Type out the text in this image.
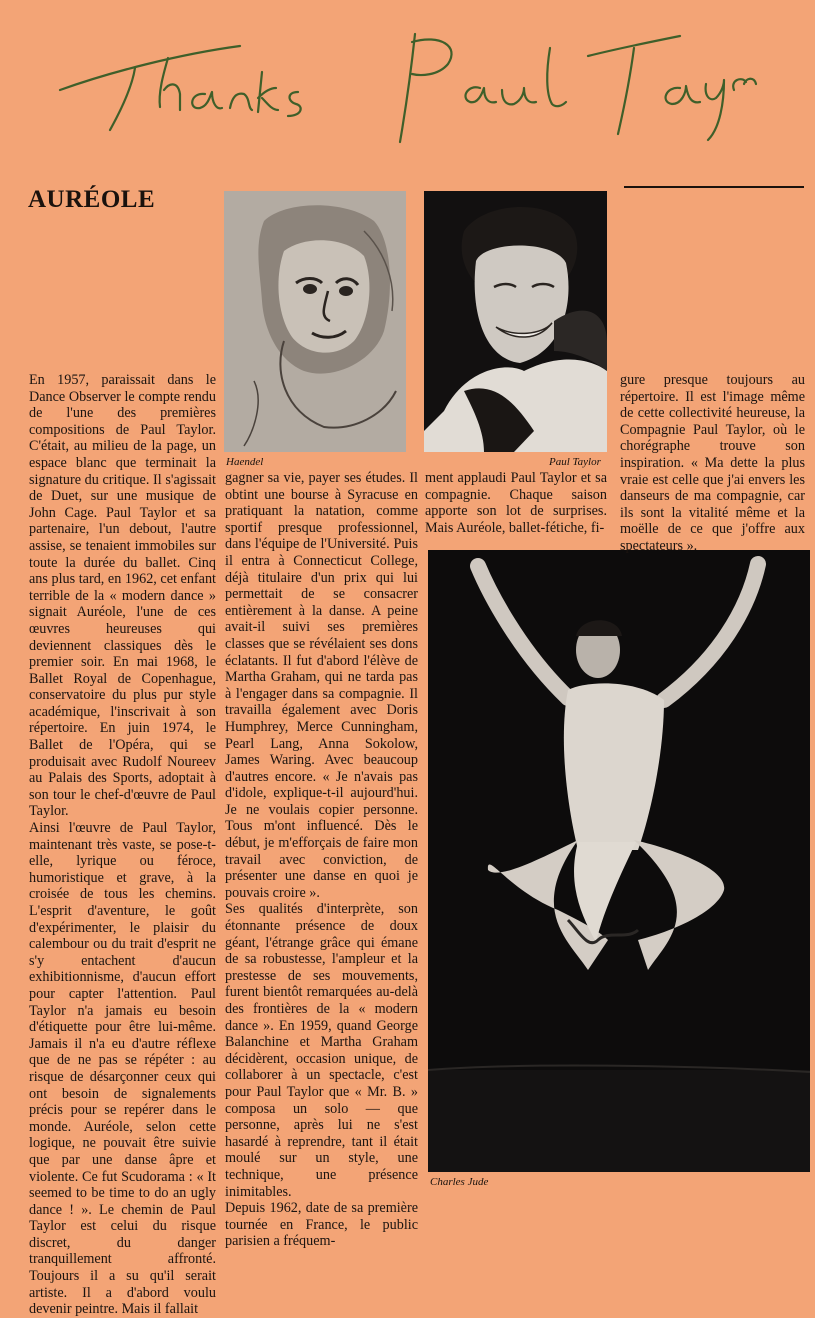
AURÉOLE
Haendel	Paul Taylor
Charles Jude

En 1957, paraissait dans le Dance Observer le compte rendu de l'une des premières compositions de Paul Taylor. C'était, au milieu de la page, un espace blanc que terminait la signature du critique. Il s'agissait de Duet, sur une musique de John Cage. Paul Taylor et sa partenaire, l'un debout, l'autre assise, se tenaient immobiles sur toute la durée du ballet. Cinq ans plus tard, en 1962, cet enfant terrible de la « modern dance » signait Auréole, l'une de ces œuvres heureuses qui deviennent classiques dès le premier soir. En mai 1968, le Ballet Royal de Copenhague, conservatoire du plus pur style académique, l'inscrivait à son répertoire. En juin 1974, le Ballet de l'Opéra, qui se produisait avec Rudolf Noureev au Palais des Sports, adoptait à son tour le chef-d'œuvre de Paul Taylor.

Ainsi l'œuvre de Paul Taylor, maintenant très vaste, se pose-t-elle, lyrique ou féroce, humoristique et grave, à la croisée de tous les chemins. L'esprit d'aventure, le goût d'expérimenter, le plaisir du calembour ou du trait d'esprit ne s'y entachent d'aucun exhibitionnisme, d'aucun effort pour capter l'attention. Paul Taylor n'a jamais eu besoin d'étiquette pour être lui-même. Jamais il n'a eu d'autre réflexe que de ne pas se répéter : au risque de désarçonner ceux qui ont besoin de signalements précis pour se repérer dans le monde. Auréole, selon cette logique, ne pouvait être suivie que par une danse âpre et violente. Ce fut Scudorama : « It seemed to be time to do an ugly dance ! ». Le chemin de Paul Taylor est celui du risque discret, du danger tranquillement affronté. Toujours il a su qu'il serait artiste. Il a d'abord voulu devenir peintre. Mais il fallait

gagner sa vie, payer ses études. Il obtint une bourse à Syracuse en pratiquant la natation, comme sportif presque professionnel, dans l'équipe de l'Université. Puis il entra à Connecticut College, déjà titulaire d'un prix qui lui permettait de se consacrer entièrement à la danse. A peine avait-il suivi ses premières classes que se révélaient ses dons éclatants. Il fut d'abord l'élève de Martha Graham, qui ne tarda pas à l'engager dans sa compagnie. Il travailla également avec Doris Humphrey, Merce Cunningham, Pearl Lang, Anna Sokolow, James Waring. Avec beaucoup d'autres encore. « Je n'avais pas d'idole, explique-t-il aujourd'hui. Je ne voulais copier personne. Tous m'ont influencé. Dès le début, je m'efforçais de faire mon travail avec conviction, de présenter une danse en quoi je pouvais croire ».

Ses qualités d'interprète, son étonnante présence de doux géant, l'étrange grâce qui émane de sa robustesse, l'ampleur et la prestesse de ses mouvements, furent bientôt remarquées au-delà des frontières de la « modern dance ». En 1959, quand George Balanchine et Martha Graham décidèrent, occasion unique, de collaborer à un spectacle, c'est pour Paul Taylor que « Mr. B. » composa un solo — que personne, après lui ne s'est hasardé à reprendre, tant il était moulé sur un style, une technique, une présence inimitables.

Depuis 1962, date de sa première tournée en France, le public parisien a fréquem-

ment applaudi Paul Taylor et sa compagnie. Chaque saison apporte son lot de surprises. Mais Auréole, ballet-fétiche, fi-

gure presque toujours au répertoire. Il est l'image même de cette collectivité heureuse, la Compagnie Paul Taylor, où le chorégraphe trouve son inspiration. « Ma dette la plus vraie est celle que j'ai envers les danseurs de ma compagnie, car ils sont la vitalité même et la moëlle de ce que j'offre aux spectateurs ».
